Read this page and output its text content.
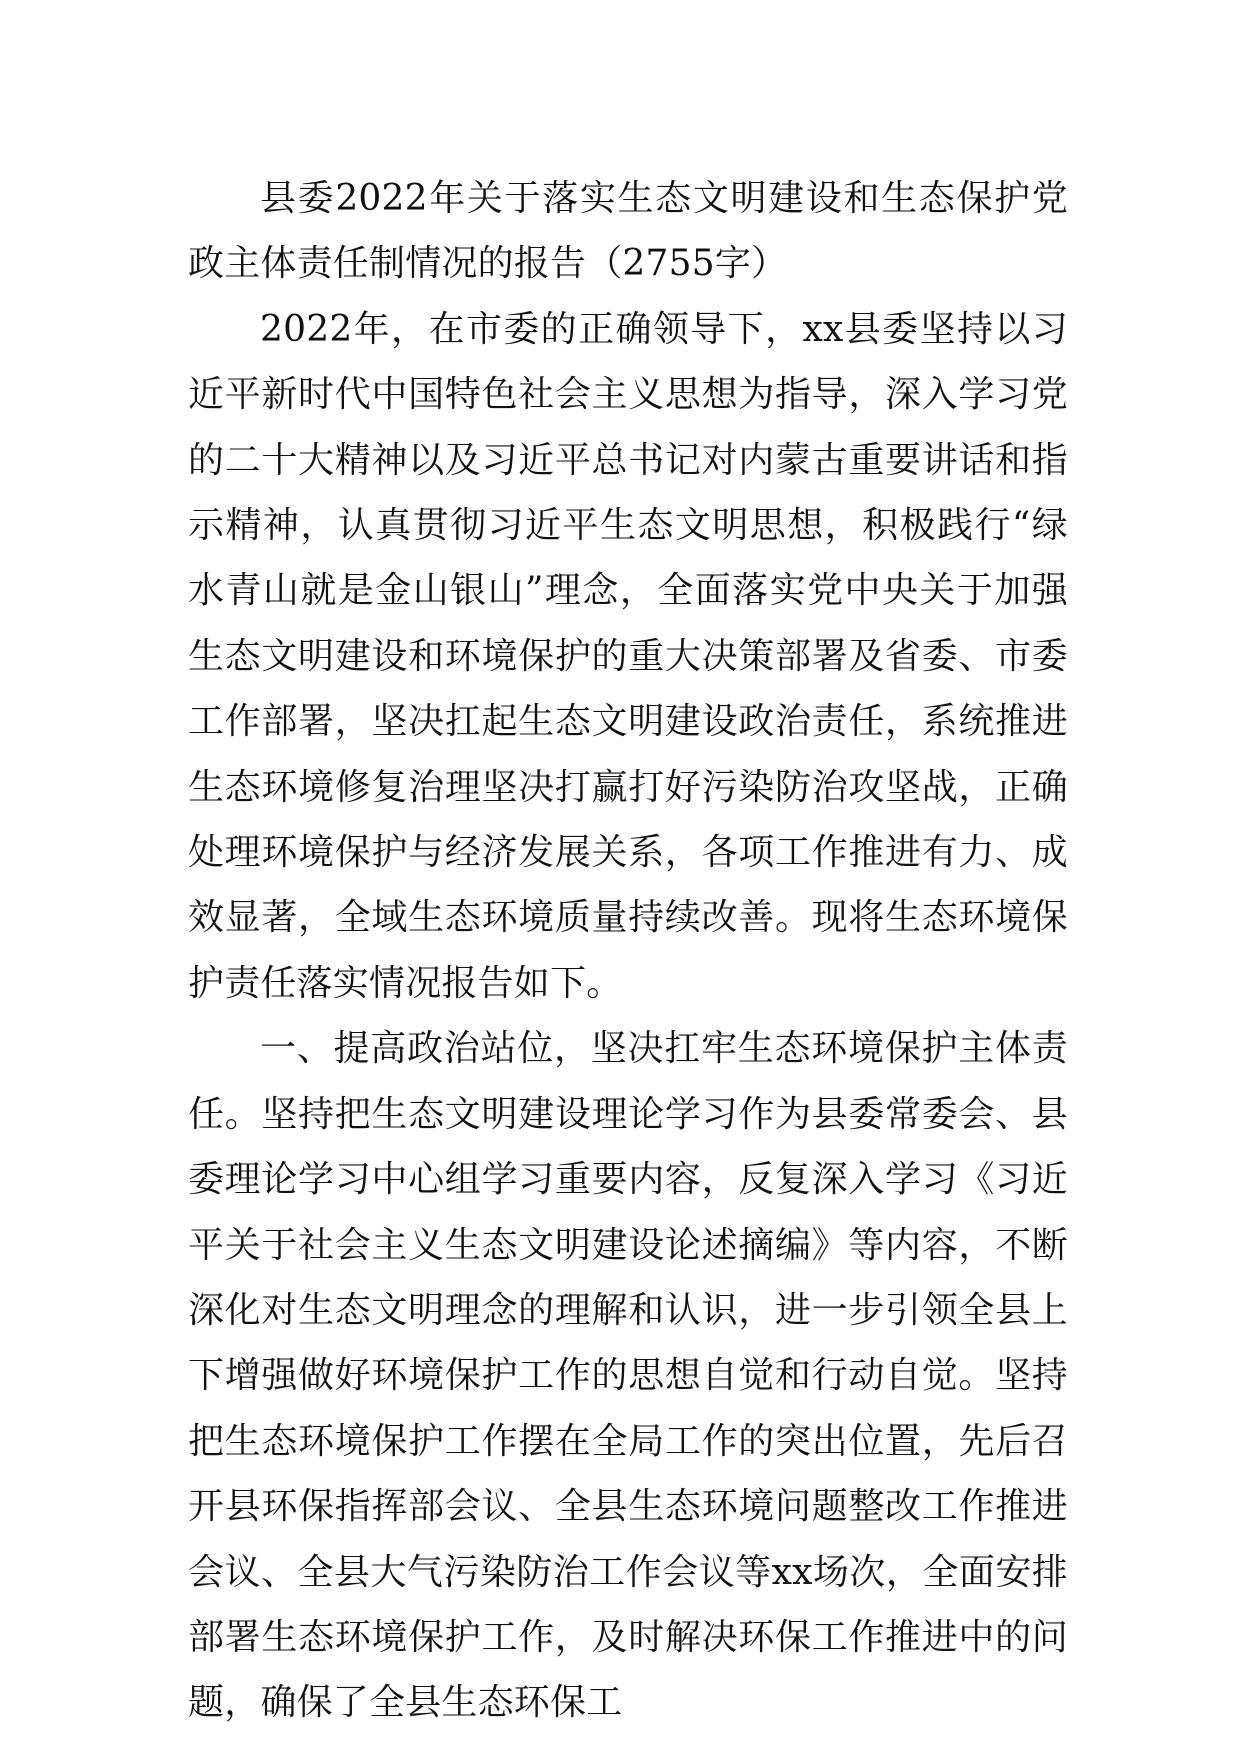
县委2022年关于落实生态文明建设和生态保护党政主体责任制情况的报告（2755字）

2022年，在市委的正确领导下，xx县委坚持以习近平新时代中国特色社会主义思想为指导，深入学习党的二十大精神以及习近平总书记对内蒙古重要讲话和指示精神，认真贯彻习近平生态文明思想，积极践行“绿水青山就是金山银山”理念，全面落实党中央关于加强生态文明建设和环境保护的重大决策部署及省委、市委工作部署，坚决扛起生态文明建设政治责任，系统推进生态环境修复治理坚决打赢打好污染防治攻坚战，正确处理环境保护与经济发展关系，各项工作推进有力、成效显著，全域生态环境质量持续改善。现将生态环境保护责任落实情况报告如下。

一、提高政治站位，坚决扛牢生态环境保护主体责任。坚持把生态文明建设理论学习作为县委常委会、县委理论学习中心组学习重要内容，反复深入学习《习近平关于社会主义生态文明建设论述摘编》等内容，不断深化对生态文明理念的理解和认识，进一步引领全县上下增强做好环境保护工作的思想自觉和行动自觉。坚持把生态环境保护工作摆在全局工作的突出位置，先后召开县环保指挥部会议、全县生态环境问题整改工作推进会议、全县大气污染防治工作会议等xx场次，全面安排部署生态环境保护工作，及时解决环保工作推进中的问题，确保了全县生态环保工
